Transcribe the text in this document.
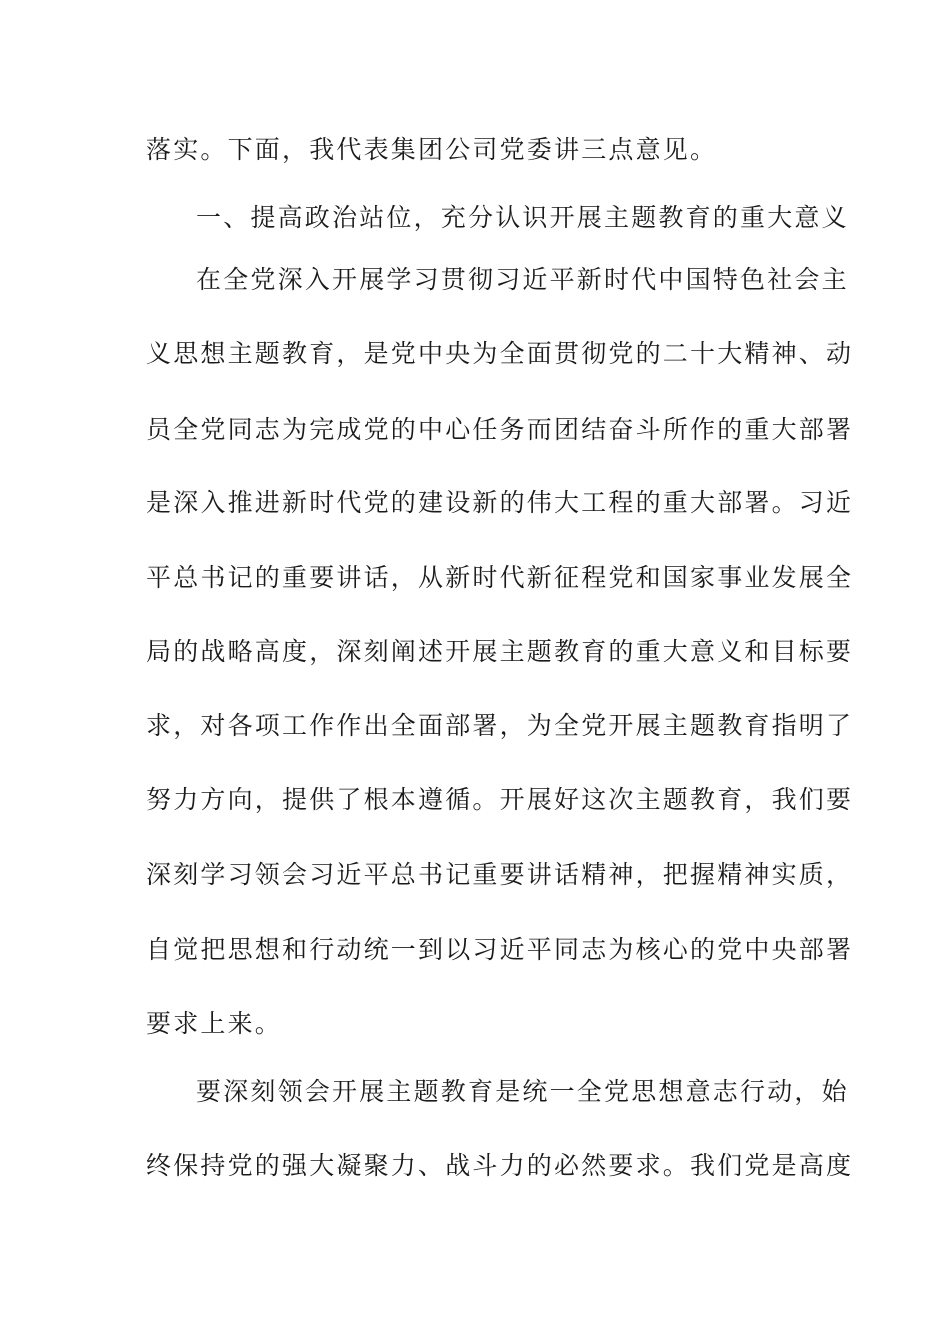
落实。下面，我代表集团公司党委讲三点意见。

一、提高政治站位，充分认识开展主题教育的重大意义

在全党深入开展学习贯彻习近平新时代中国特色社会主

义思想主题教育，是党中央为全面贯彻党的二十大精神、动

员全党同志为完成党的中心任务而团结奋斗所作的重大部署

是深入推进新时代党的建设新的伟大工程的重大部署。习近

平总书记的重要讲话，从新时代新征程党和国家事业发展全

局的战略高度，深刻阐述开展主题教育的重大意义和目标要

求，对各项工作作出全面部署，为全党开展主题教育指明了

努力方向，提供了根本遵循。开展好这次主题教育，我们要

深刻学习领会习近平总书记重要讲话精神，把握精神实质，

自觉把思想和行动统一到以习近平同志为核心的党中央部署

要求上来。

要深刻领会开展主题教育是统一全党思想意志行动，始

终保持党的强大凝聚力、战斗力的必然要求。我们党是高度
